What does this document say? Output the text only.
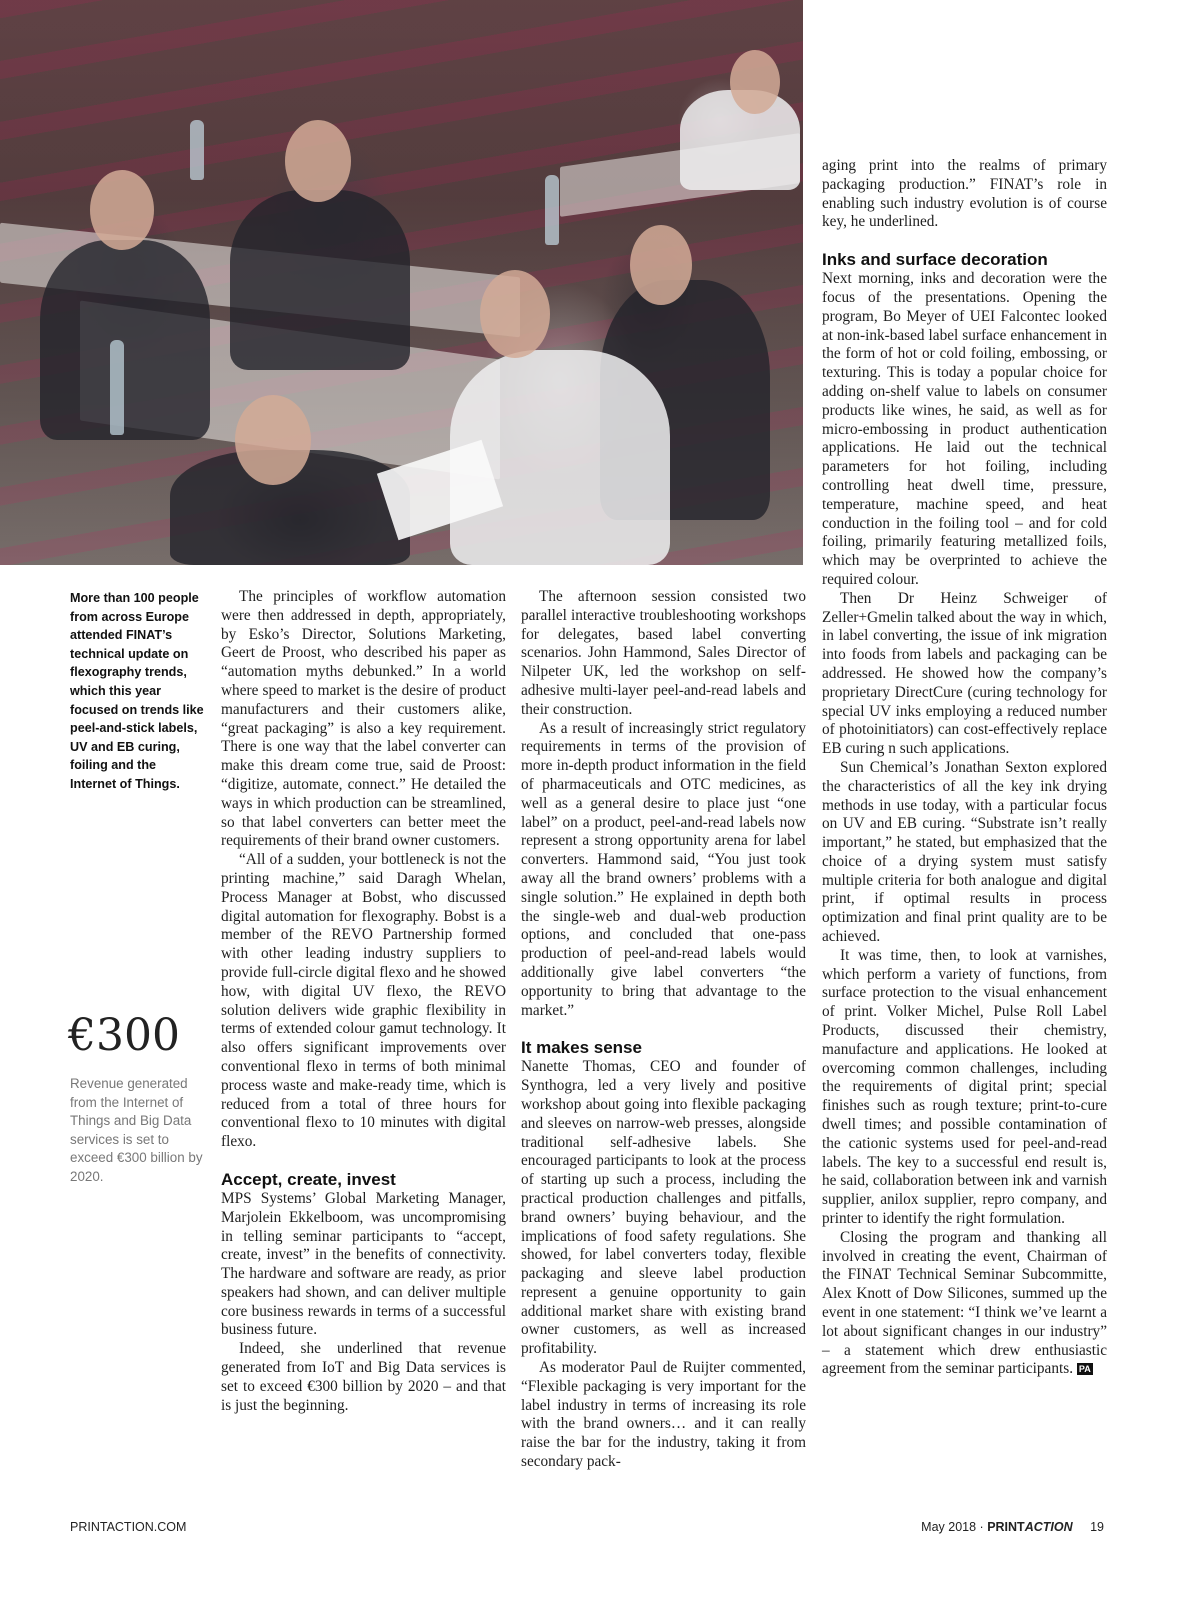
More than 100 people from across Europe attended FINAT’s technical update on flexography trends, which this year focused on trends like peel-and-stick labels, UV and EB curing, foiling and the Internet of Things.
€300
Revenue generated from the Internet of Things and Big Data services is set to exceed €300 billion by 2020.

The principles of workflow automation were then addressed in depth, appropriately, by Esko’s Director, Solutions Marketing, Geert de Proost, who described his paper as “automation myths debunked.” In a world where speed to market is the desire of product manufacturers and their customers alike, “great packaging” is also a key requirement. There is one way that the label converter can make this dream come true, said de Proost: “digitize, automate, connect.” He detailed the ways in which production can be streamlined, so that label converters can better meet the requirements of their brand owner customers.

“All of a sudden, your bottleneck is not the printing machine,” said Daragh Whelan, Process Manager at Bobst, who discussed digital automation for flexography. Bobst is a member of the REVO Partnership formed with other leading industry suppliers to provide full-circle digital flexo and he showed how, with digital UV flexo, the REVO solution delivers wide graphic flexibility in terms of extended colour gamut technology. It also offers significant improvements over conventional flexo in terms of both minimal process waste and make-ready time, which is reduced from a total of three hours for conventional flexo to 10 minutes with digital flexo.

Accept, create, invest

MPS Systems’ Global Marketing Manager, Marjolein Ekkelboom, was uncompromising in telling seminar participants to “accept, create, invest” in the benefits of connectivity. The hardware and software are ready, as prior speakers had shown, and can deliver multiple core business rewards in terms of a successful business future.

Indeed, she underlined that revenue generated from IoT and Big Data services is set to exceed €300 billion by 2020 – and that is just the beginning.

The afternoon session consisted two parallel interactive troubleshooting workshops for delegates, based label converting scenarios. John Hammond, Sales Director of Nilpeter UK, led the workshop on self-adhesive multi-layer peel-and-read labels and their construction.

As a result of increasingly strict regulatory requirements in terms of the provision of more in-depth product information in the field of pharmaceuticals and OTC medicines, as well as a general desire to place just “one label” on a product, peel-and-read labels now represent a strong opportunity arena for label converters. Hammond said, “You just took away all the brand owners’ problems with a single solution.” He explained in depth both the single-web and dual-web production options, and concluded that one-pass production of peel-and-read labels would additionally give label converters “the opportunity to bring that advantage to the market.”

It makes sense

Nanette Thomas, CEO and founder of Synthogra, led a very lively and positive workshop about going into flexible packaging and sleeves on narrow-web presses, alongside traditional self-adhesive labels. She encouraged participants to look at the process of starting up such a process, including the practical production challenges and pitfalls, brand owners’ buying behaviour, and the implications of food safety regulations. She showed, for label converters today, flexible packaging and sleeve label production represent a genuine opportunity to gain additional market share with existing brand owner customers, as well as increased profitability.

As moderator Paul de Ruijter commented, “Flexible packaging is very important for the label industry in terms of increasing its role with the brand owners… and it can really raise the bar for the industry, taking it from secondary pack-

aging print into the realms of primary packaging production.” FINAT’s role in enabling such industry evolution is of course key, he underlined.

Inks and surface decoration

Next morning, inks and decoration were the focus of the presentations. Opening the program, Bo Meyer of UEI Falcontec looked at non-ink-based label surface enhancement in the form of hot or cold foiling, embossing, or texturing. This is today a popular choice for adding on-shelf value to labels on consumer products like wines, he said, as well as for micro-embossing in product authentication applications. He laid out the technical parameters for hot foiling, including controlling heat dwell time, pressure, temperature, machine speed, and heat conduction in the foiling tool – and for cold foiling, primarily featuring metallized foils, which may be overprinted to achieve the required colour.

Then Dr Heinz Schweiger of Zeller+Gmelin talked about the way in which, in label converting, the issue of ink migration into foods from labels and packaging can be addressed. He showed how the company’s proprietary DirectCure (curing technology for special UV inks employing a reduced number of photoinitiators) can cost-effectively replace EB curing n such applications.

Sun Chemical’s Jonathan Sexton explored the characteristics of all the key ink drying methods in use today, with a particular focus on UV and EB curing. “Substrate isn’t really important,” he stated, but emphasized that the choice of a drying system must satisfy multiple criteria for both analogue and digital print, if optimal results in process optimization and final print quality are to be achieved.

It was time, then, to look at varnishes, which perform a variety of functions, from surface protection to the visual enhancement of print. Volker Michel, Pulse Roll Label Products, discussed their chemistry, manufacture and applications. He looked at overcoming common challenges, including the requirements of digital print; special finishes such as rough texture; print-to-cure dwell times; and possible contamination of the cationic systems used for peel-and-read labels. The key to a successful end result is, he said, collaboration between ink and varnish supplier, anilox supplier, repro company, and printer to identify the right formulation.

Closing the program and thanking all involved in creating the event, Chairman of the FINAT Technical Seminar Subcommitte, Alex Knott of Dow Silicones, summed up the event in one statement: “I think we’ve learnt a lot about significant changes in our industry” – a statement which drew enthusiastic agreement from the seminar participants. PA

PRINTACTION.COM	May 2018 · PRINTACTION 19
